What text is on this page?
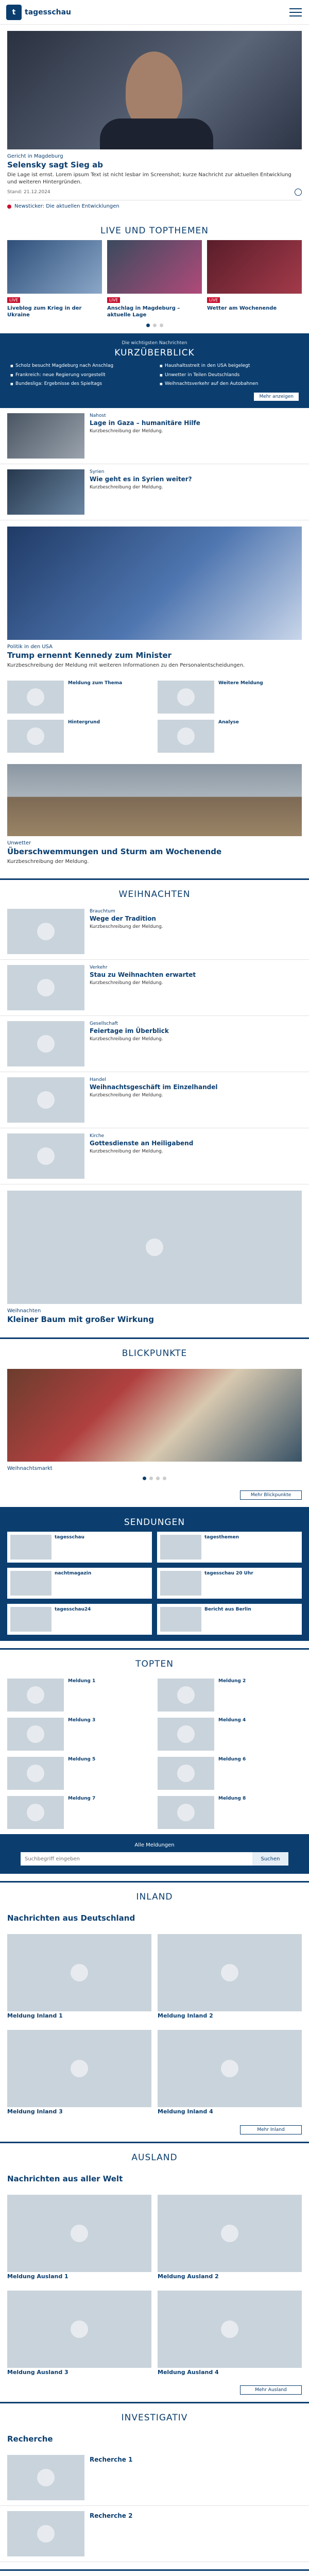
t	tagesschau
Gericht in Magdeburg
Selensky sagt Sieg ab
Die Lage ist ernst. Lorem ipsum Text ist nicht lesbar im Screenshot; kurze Nachricht zur aktuellen Entwicklung und weiteren Hintergründen.
Stand: 21.12.2024
Newsticker: Die aktuellen Entwicklungen
LIVE UND TOPTHEMEN
LIVE
Liveblog zum Krieg in der Ukraine
LIVE
Anschlag in Magdeburg – aktuelle Lage
LIVE
Wetter am Wochenende
Die wichtigsten Nachrichten
KURZÜBERBLICK
■ Scholz besucht Magdeburg nach Anschlag	■ Haushaltsstreit in den USA beigelegt
■ Frankreich: neue Regierung vorgestellt	■ Unwetter in Teilen Deutschlands
■ Bundesliga: Ergebnisse des Spieltags	■ Weihnachtsverkehr auf den Autobahnen
Mehr anzeigen
Nahost
Lage in Gaza – humanitäre Hilfe
Kurzbeschreibung der Meldung.
Syrien
Wie geht es in Syrien weiter?
Kurzbeschreibung der Meldung.
Politik in den USA
Trump ernennt Kennedy zum Minister
Kurzbeschreibung der Meldung mit weiteren Informationen zu den Personalentscheidungen.
Meldung zum Thema	Weitere Meldung
Hintergrund	Analyse
Unwetter
Überschwemmungen und Sturm am Wochenende
Kurzbeschreibung der Meldung.
WEIHNACHTEN
Brauchtum
Wege der Tradition
Kurzbeschreibung der Meldung.
Verkehr
Stau zu Weihnachten erwartet
Kurzbeschreibung der Meldung.
Gesellschaft
Feiertage im Überblick
Kurzbeschreibung der Meldung.
Handel
Weihnachtsgeschäft im Einzelhandel
Kurzbeschreibung der Meldung.
Kirche
Gottesdienste an Heiligabend
Kurzbeschreibung der Meldung.
Weihnachten
Kleiner Baum mit großer Wirkung
BLICKPUNKTE
Weihnachtsmarkt
Mehr Blickpunkte
SENDUNGEN
tagesschau	tagesthemen
nachtmagazin	tagesschau 20 Uhr
tagesschau24	Bericht aus Berlin
TOPTEN
Meldung 1	Meldung 2
Meldung 3	Meldung 4
Meldung 5	Meldung 6
Meldung 7	Meldung 8
Alle Meldungen
Suchbegriff eingeben
Suchen
INLAND
Nachrichten aus Deutschland
Meldung Inland 1	Meldung Inland 2
Meldung Inland 3	Meldung Inland 4
Mehr Inland
AUSLAND
Nachrichten aus aller Welt
Meldung Ausland 1	Meldung Ausland 2
Meldung Ausland 3	Meldung Ausland 4
Mehr Ausland
INVESTIGATIV
Recherche
Recherche 1
Recherche 2
